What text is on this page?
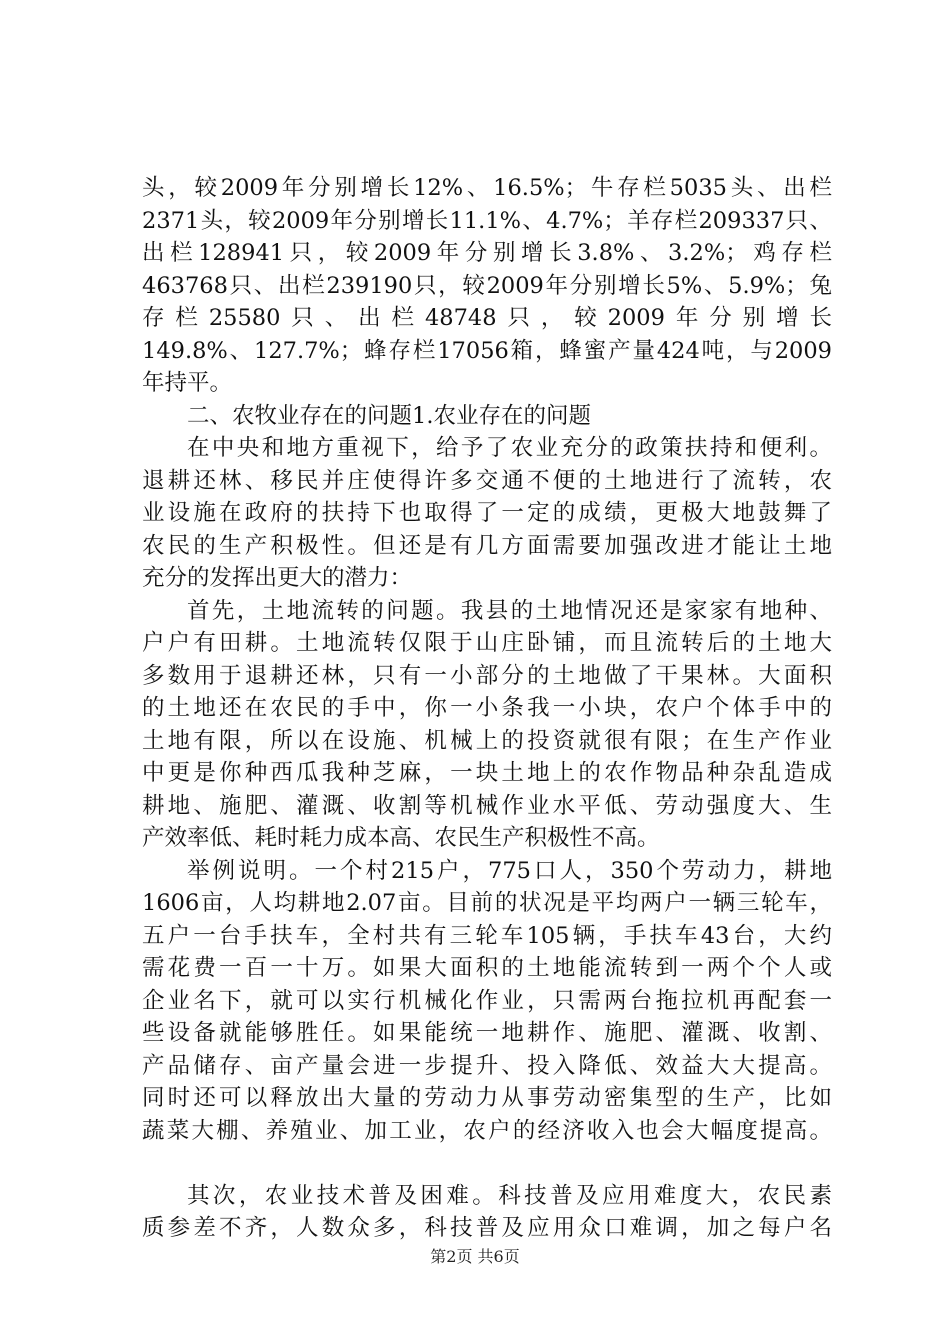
头，较2009年分别增长12%、16.5%；牛存栏5035头、出栏
2371头，较2009年分别增长11.1%、4.7%；羊存栏209337只、
出栏128941只，较2009年分别增长3.8%、3.2%；鸡存栏
463768只、出栏239190只，较2009年分别增长5%、5.9%；兔
存栏25580只、出栏48748只，较2009年分别增长
149.8%、127.7%；蜂存栏17056箱，蜂蜜产量424吨，与2009
年持平。
二、农牧业存在的问题1.农业存在的问题
在中央和地方重视下，给予了农业充分的政策扶持和便利。
退耕还林、移民并庄使得许多交通不便的土地进行了流转，农
业设施在政府的扶持下也取得了一定的成绩，更极大地鼓舞了
农民的生产积极性。但还是有几方面需要加强改进才能让土地
充分的发挥出更大的潜力：
首先，土地流转的问题。我县的土地情况还是家家有地种、
户户有田耕。土地流转仅限于山庄卧铺，而且流转后的土地大
多数用于退耕还林，只有一小部分的土地做了干果林。大面积
的土地还在农民的手中，你一小条我一小块，农户个体手中的
土地有限，所以在设施、机械上的投资就很有限；在生产作业
中更是你种西瓜我种芝麻，一块土地上的农作物品种杂乱造成
耕地、施肥、灌溉、收割等机械作业水平低、劳动强度大、生
产效率低、耗时耗力成本高、农民生产积极性不高。
举例说明。一个村215户，775口人，350个劳动力，耕地
1606亩，人均耕地2.07亩。目前的状况是平均两户一辆三轮车，
五户一台手扶车，全村共有三轮车105辆，手扶车43台，大约
需花费一百一十万。如果大面积的土地能流转到一两个个人或
企业名下，就可以实行机械化作业，只需两台拖拉机再配套一
些设备就能够胜任。如果能统一地耕作、施肥、灌溉、收割、
产品储存、亩产量会进一步提升、投入降低、效益大大提高。
同时还可以释放出大量的劳动力从事劳动密集型的生产，比如
蔬菜大棚、养殖业、加工业，农户的经济收入也会大幅度提高。
其次，农业技术普及困难。科技普及应用难度大，农民素
质参差不齐，人数众多，科技普及应用众口难调，加之每户名
第2页 共6页
